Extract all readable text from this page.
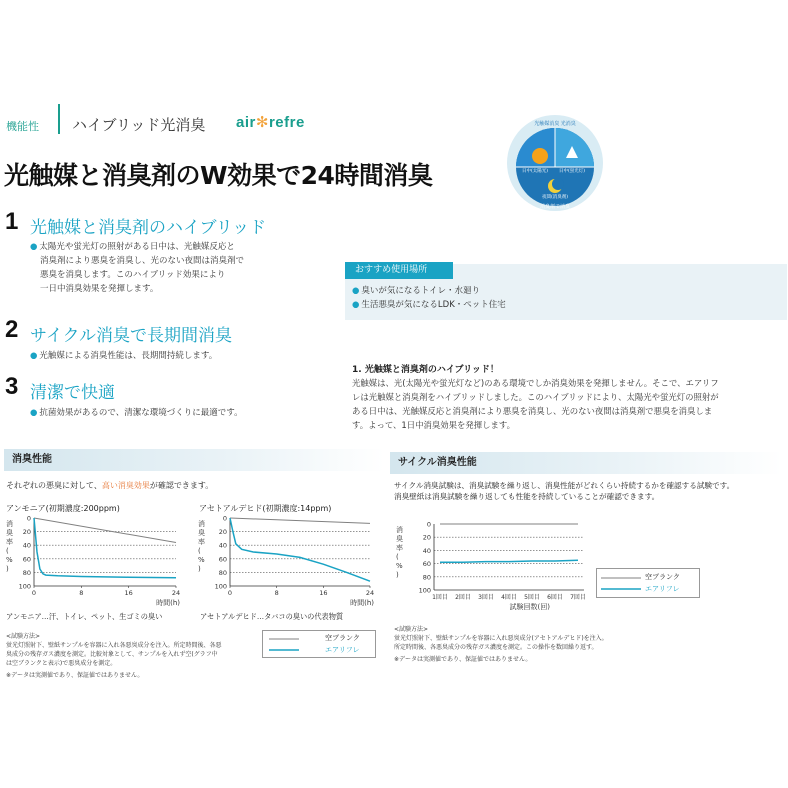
機能性 ハイブリッド光消臭 air✻refre
光触媒と消臭剤のW効果で24時間消臭
光触媒消臭 光消臭
日中(太陽光)	日中(蛍光灯)
夜間(消臭剤)
消臭剤で消臭
1 光触媒と消臭剤のハイブリッド
● 太陽光や蛍光灯の照射がある日中は、光触媒反応と
消臭剤により悪臭を消臭し、光のない夜間は消臭剤で
悪臭を消臭します。このハイブリッド効果により
一日中消臭効果を発揮します。
2 サイクル消臭で長期間消臭
● 光触媒による消臭性能は、長期間持続します。
3 清潔で快適
● 抗菌効果があるので、清潔な環境づくりに最適です。
おすすめ使用場所
● 臭いが気になるトイレ・水廻り
● 生活悪臭が気になるLDK・ペット住宅
1. 光触媒と消臭剤のハイブリッド！
光触媒は、光(太陽光や蛍光灯など)のある環境でしか消臭効果を発揮しません。そこで、エアリフ
レは光触媒と消臭剤をハイブリッドしました。このハイブリッドにより、太陽光や蛍光灯の照射が
ある日中は、光触媒反応と消臭剤により悪臭を消臭し、光のない夜間は消臭剤で悪臭を消臭しま
す。よって、1日中消臭効果を発揮します。
消臭性能
それぞれの悪臭に対して、高い消臭効果が確認できます。
アンモニア(初期濃度:200ppm)	アセトアルデヒド(初期濃度:14ppm)
消
臭
率
(
%
)
0
20
40
60
80
100
0	8	16	24
時間(h)
消
臭
率
(
%
)
0
20
40
60
80
100
0	8	16	24
時間(h)
アンモニア…汗、トイレ、ペット、生ゴミの臭い	アセトアルデヒド…タバコの臭いの代表物質
<試験方法>
蛍光灯照射下、壁紙サンプルを容器に入れ各悪臭成分を注入。所定時間後、各悪
臭成分の残存ガス濃度を測定。比較対象として、サンプルを入れず空(グラフ中
は空ブランクと表示)で悪臭成分を測定。
※データは実測値であり、保証値ではありません。
空ブランク
エアリフレ
サイクル消臭性能
サイクル消臭試験は、消臭試験を繰り返し、消臭性能がどれくらい持続するかを確認する試験です。
消臭壁紙は消臭試験を繰り返しても性能を持続していることが確認できます。
消
臭
率
(
%
)
0
20
40
60
80
100
1回目 2回目 3回目 4回目 5回目 6回目 7回目
試験回数(回)
空ブランク
エアリフレ
<試験方法>
蛍光灯照射下、壁紙サンプルを容器に入れ悪臭成分(アセトアルデヒド)を注入。
所定時間後、各悪臭成分の残存ガス濃度を測定。この操作を数回繰り返す。
※データは実測値であり、保証値ではありません。
